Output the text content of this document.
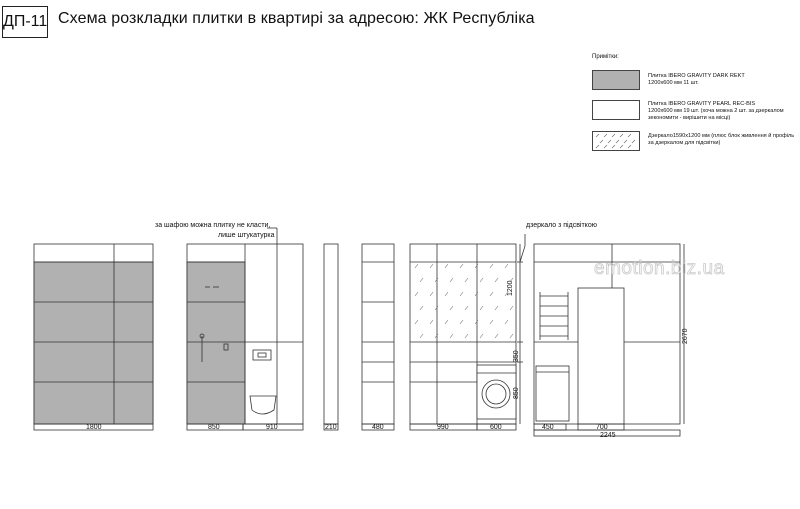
ДП-11 Схема розкладки плитки в квартирі за адресою: ЖК Республіка
Примітки:
Плитка IBERO GRAVITY DARK REKT
1200х600 мм 11 шт.
Плитка IBERO GRAVITY PEARL REC-BIS
1200х600 мм 19 шт. (хоча можна 2 шт. за дзеркалом
зекономити - вирішити на місці)
Дзеркало1590х1200 мм (плюс блок живлення й профіль
за дзеркалом для підсвітки)
за шафою можна плитку не класти,
лише штукатурка
дзеркало з підсвіткою
1800	850	910	210	480	990	600	450	700
2245
1200
350
850
2670
emotion.biz.ua
